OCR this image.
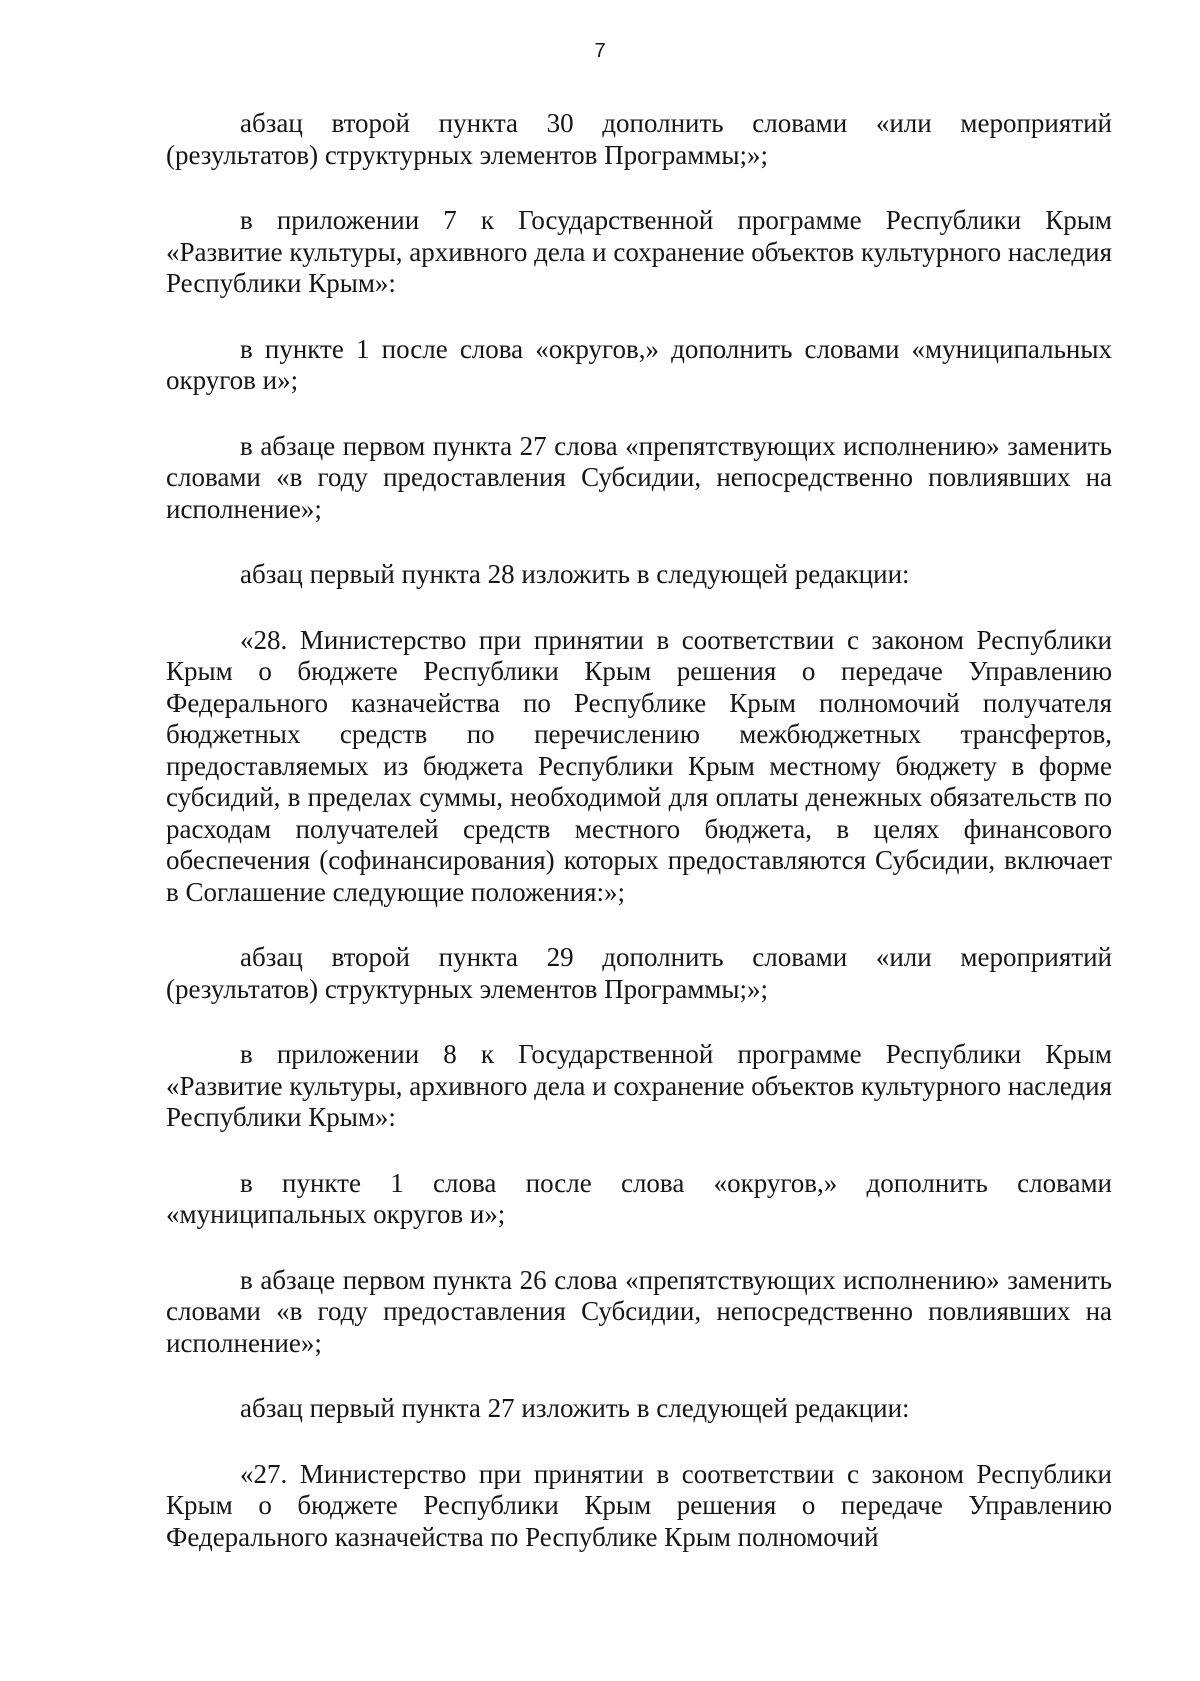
7

абзац второй пункта 30 дополнить словами «или мероприятий (результатов) структурных элементов Программы;»;

в приложении 7 к Государственной программе Республики Крым «Развитие культуры, архивного дела и сохранение объектов культурного наследия Республики Крым»:

в пункте 1 после слова «округов,» дополнить словами «муниципальных округов и»;

в абзаце первом пункта 27 слова «препятствующих исполнению» заменить словами «в году предоставления Субсидии, непосредственно повлиявших на исполнение»;

абзац первый пункта 28 изложить в следующей редакции:

«28. Министерство при принятии в соответствии с законом Республики Крым о бюджете Республики Крым решения о передаче Управлению Федерального казначейства по Республике Крым полномочий получателя бюджетных средств по перечислению межбюджетных трансфертов, предоставляемых из бюджета Республики Крым местному бюджету в форме субсидий, в пределах суммы, необходимой для оплаты денежных обязательств по расходам получателей средств местного бюджета, в целях финансового обеспечения (софинансирования) которых предоставляются Субсидии, включает в Соглашение следующие положения:»;

абзац второй пункта 29 дополнить словами «или мероприятий (результатов) структурных элементов Программы;»;

в приложении 8 к Государственной программе Республики Крым «Развитие культуры, архивного дела и сохранение объектов культурного наследия Республики Крым»:

в пункте 1 слова после слова «округов,» дополнить словами «муниципальных округов и»;

в абзаце первом пункта 26 слова «препятствующих исполнению» заменить словами «в году предоставления Субсидии, непосредственно повлиявших на исполнение»;

абзац первый пункта 27 изложить в следующей редакции:

«27. Министерство при принятии в соответствии с законом Республики Крым о бюджете Республики Крым решения о передаче Управлению Федерального казначейства по Республике Крым полномочий
